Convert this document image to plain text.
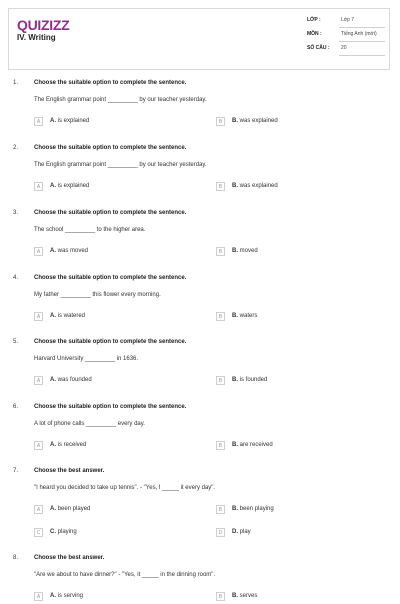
QUIZIZZ
IV. Writing
LỚP :	Lớp 7
MÔN :	Tiếng Anh (mới)
SỐ CÂU : 20
1.	Choose the suitable option to complete the sentence.
The English grammar point _________ by our teacher yesterday.
A	A. is explained	B	B. was explained
2.	Choose the suitable option to complete the sentence.
The English grammar point _________ by our teacher yesterday.
A	A. is explained	B	B. was explained
3.	Choose the suitable option to complete the sentence.
The school _________ to the higher area.
A	A. was moved	B	B. moved
4.	Choose the suitable option to complete the sentence.
My father _________ this flower every morning.
A	A. is watered	B	B. waters
5.	Choose the suitable option to complete the sentence.
Harvard University _________ in 1636.
A	A. was founded	B	B. is founded
6.	Choose the suitable option to complete the sentence.
A lot of phone calls _________ every day.
A	A. is received	B	B. are received
7.	Choose the best answer.
"I heard you decided to take up tennis". - "Yes, I _____ it every day".
A	A. been played	B	B. been playing
C	C. playing	D	D. play
8.	Choose the best answer.
"Are we about to have dinner?" - "Yes, it _____ in the dinning room".
A	A. is serving	B	B. serves
